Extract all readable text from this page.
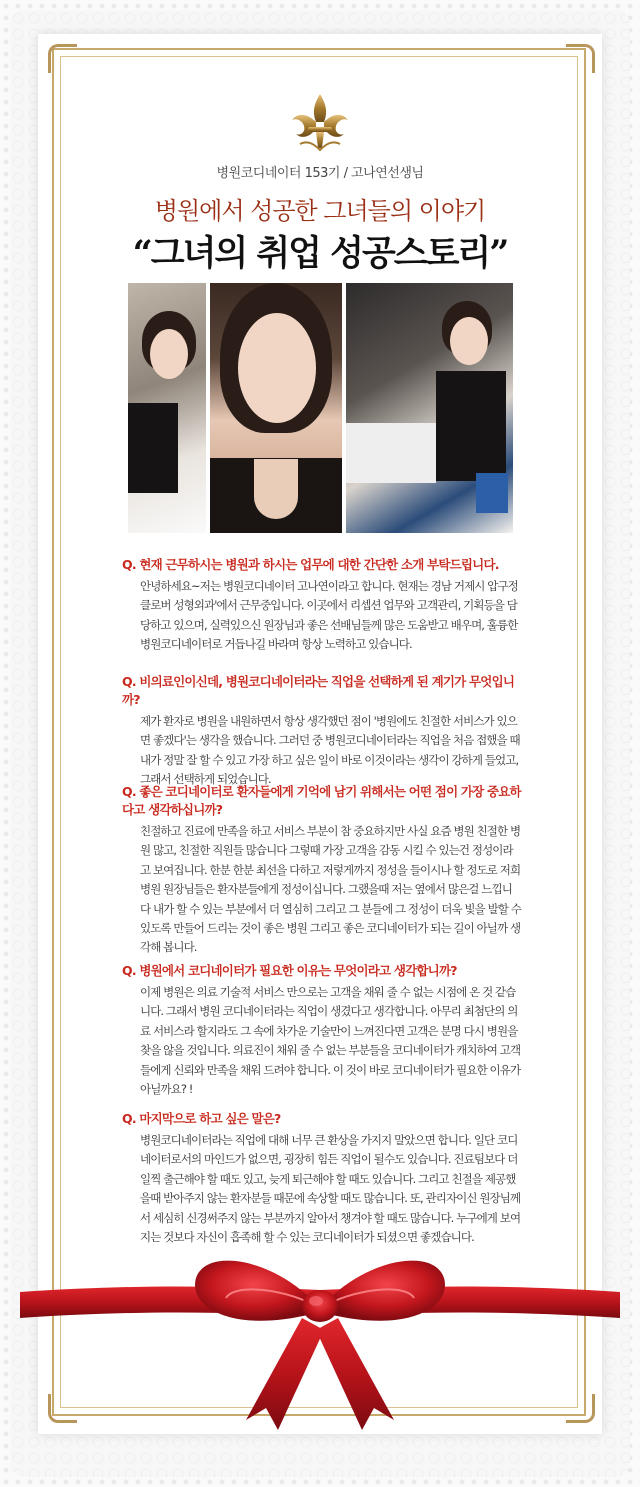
병원코디네이터 153기 / 고나연선생님
병원에서 성공한 그녀들의 이야기
“그녀의 취업 성공스토리”
Q. 현재 근무하시는 병원과 하시는 업무에 대한 간단한 소개 부탁드립니다.
안녕하세요~저는 병원코디네이터 고나연이라고 합니다. 현재는 경남 거제시 압구정클로버 성형외과'에서 근무중입니다. 이곳에서 리셉션 업무와 고객관리, 기획등을 담당하고 있으며, 실력있으신 원장님과 좋은 선배님들께 많은 도움받고 배우며, 훌륭한 병원코디네이터로 거듭나길 바라며 항상 노력하고 있습니다.
Q. 비의료인이신데, 병원코디네이터라는 직업을 선택하게 된 계기가 무엇입니까?
제가 환자로 병원을 내원하면서 항상 생각했던 점이 '병원에도 친절한 서비스가 있으면 좋겠다'는 생각을 했습니다. 그러던 중 병원코디네이터라는 직업을 처음 접했을 때 내가 정말 잘 할 수 있고 가장 하고 싶은 일이 바로 이것이라는 생각이 강하게 들었고, 그래서 선택하게 되었습니다.
Q. 좋은 코디네이터로 환자들에게 기억에 남기 위해서는 어떤 점이 가장 중요하다고 생각하십니까?
친절하고 진료에 만족을 하고 서비스 부분이 참 중요하지만 사실 요즘 병원 친절한 병원 많고, 친절한 직원들 많습니다 그렇때 가장 고객을 감동 시킬 수 있는건 정성이라고 보여집니다. 한분 한분 최선을 다하고 저렇게까지 정성을 들이시나 할 정도로 저희 병원 원장님들은 환자분들에게 정성이십니다. 그랬을때 저는 옆에서 많은걸 느낍니다 내가 할 수 있는 부분에서 더 열심히 그리고 그 분들에 그 정성이 더욱 빛을 발할 수 있도록 만들어 드리는 것이 좋은 병원 그리고 좋은 코디네이터가 되는 길이 아닐까 생각해 봅니다.
Q. 병원에서 코디네이터가 필요한 이유는 무엇이라고 생각합니까?
이제 병원은 의료 기술적 서비스 만으로는 고객을 채워 줄 수 없는 시점에 온 것 같습니다. 그래서 병원 코디네이터라는 직업이 생겼다고 생각합니다. 아무리 최첨단의 의료 서비스라 할지라도 그 속에 차가운 기술만이 느껴진다면 고객은 분명 다시 병원을 찾을 않을 것입니다. 의료진이 채워 줄 수 없는 부분들을 코디네이터가 캐치하여 고객들에게 신뢰와 만족을 채워 드려야 합니다. 이 것이 바로 코디네이터가 필요한 이유가 아닐까요? !
Q. 마지막으로 하고 싶은 말은?
병원코디네이터라는 직업에 대해 너무 큰 환상을 가지지 말았으면 합니다. 일단 코디네이터로서의 마인드가 없으면, 굉장히 힘든 직업이 될수도 있습니다. 진료팀보다 더 일찍 출근해야 할 때도 있고, 늦게 퇴근해야 할 때도 있습니다. 그리고 친절을 제공했을때 받아주지 않는 환자분들 때문에 속상할 때도 많습니다. 또, 관리자이신 원장님께서 세심히 신경써주지 않는 부분까지 알아서 챙겨야 할 때도 많습니다. 누구에게 보여지는 것보다 자신이 흡족해 할 수 있는 코디네이터가 되셨으면 좋겠습니다.
